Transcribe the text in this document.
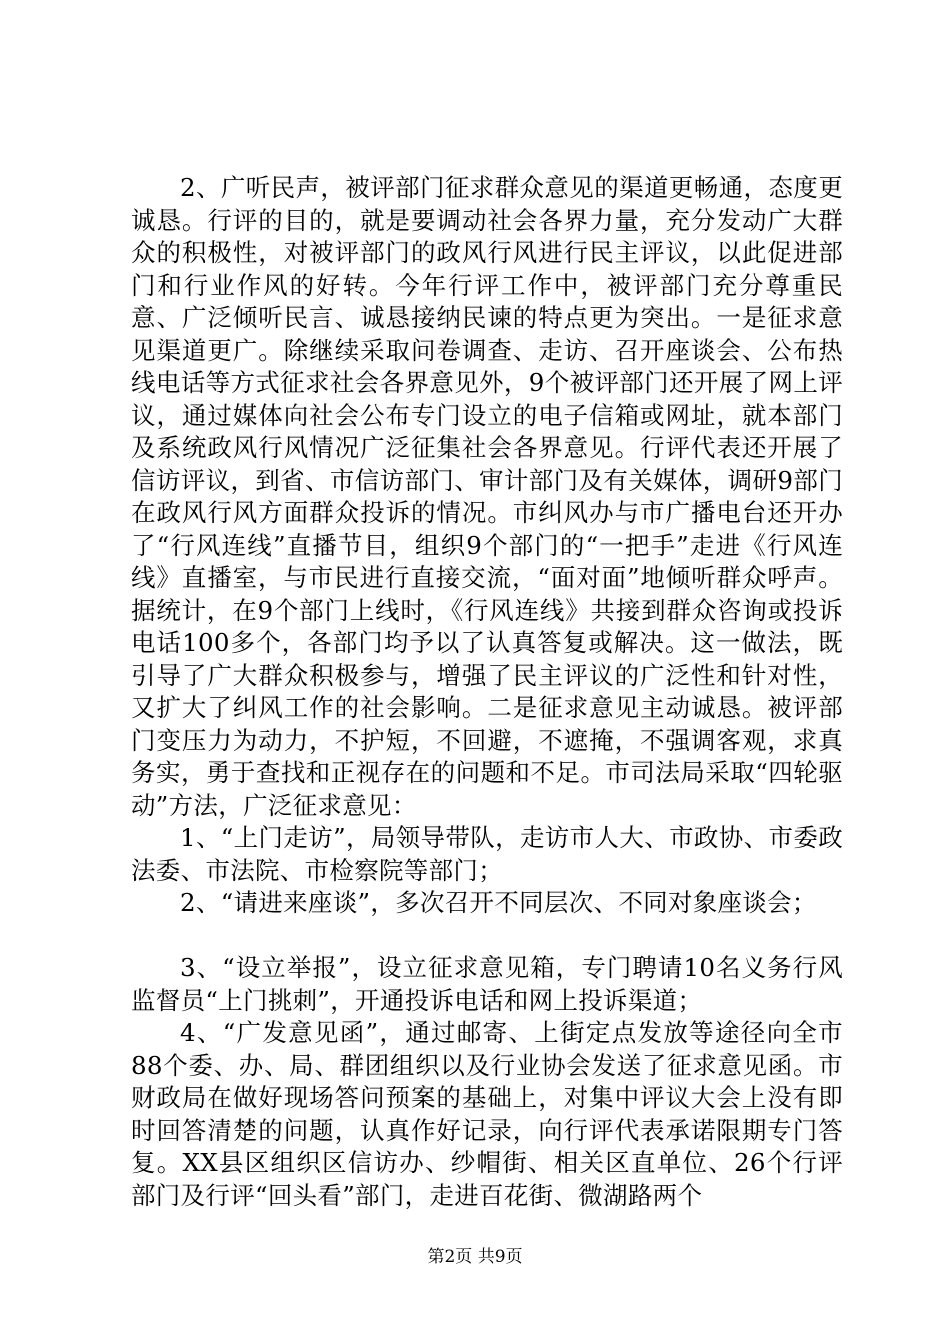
2、广听民声，被评部门征求群众意见的渠道更畅通，态度更诚恳。行评的目的，就是要调动社会各界力量，充分发动广大群众的积极性，对被评部门的政风行风进行民主评议，以此促进部门和行业作风的好转。今年行评工作中，被评部门充分尊重民意、广泛倾听民言、诚恳接纳民谏的特点更为突出。一是征求意见渠道更广。除继续采取问卷调查、走访、召开座谈会、公布热线电话等方式征求社会各界意见外，9个被评部门还开展了网上评议，通过媒体向社会公布专门设立的电子信箱或网址，就本部门及系统政风行风情况广泛征集社会各界意见。行评代表还开展了信访评议，到省、市信访部门、审计部门及有关媒体，调研9部门在政风行风方面群众投诉的情况。市纠风办与市广播电台还开办了“行风连线”直播节目，组织9个部门的“一把手”走进《行风连线》直播室，与市民进行直接交流，“面对面”地倾听群众呼声。据统计，在9个部门上线时，《行风连线》共接到群众咨询或投诉电话100多个，各部门均予以了认真答复或解决。这一做法，既引导了广大群众积极参与，增强了民主评议的广泛性和针对性，又扩大了纠风工作的社会影响。二是征求意见主动诚恳。被评部门变压力为动力，不护短，不回避，不遮掩，不强调客观，求真务实，勇于查找和正视存在的问题和不足。市司法局采取“四轮驱动”方法，广泛征求意见：

1、“上门走访”，局领导带队，走访市人大、市政协、市委政法委、市法院、市检察院等部门；

2、“请进来座谈”，多次召开不同层次、不同对象座谈会；

3、“设立举报”，设立征求意见箱，专门聘请10名义务行风监督员“上门挑刺”，开通投诉电话和网上投诉渠道；

4、“广发意见函”，通过邮寄、上街定点发放等途径向全市88个委、办、局、群团组织以及行业协会发送了征求意见函。市财政局在做好现场答问预案的基础上，对集中评议大会上没有即时回答清楚的问题，认真作好记录，向行评代表承诺限期专门答复。XX县区组织区信访办、纱帽街、相关区直单位、26个行评部门及行评“回头看”部门，走进百花街、微湖路两个

第2页 共9页
